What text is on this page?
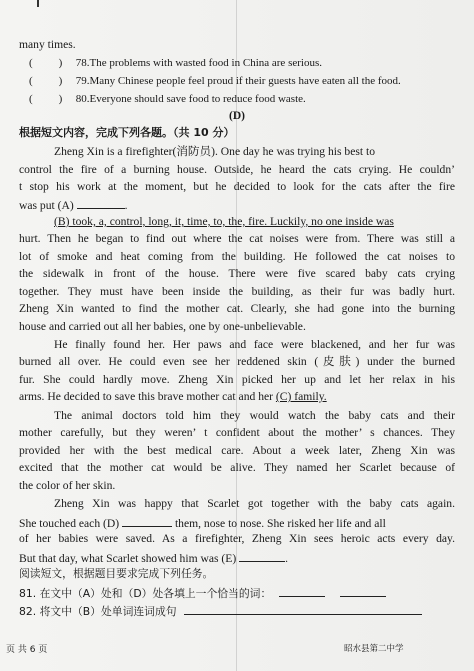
many times.
( ) 78.The problems with wasted food in China are serious.
( ) 79.Many Chinese people feel proud if their guests have eaten all the food.
( ) 80.Everyone should save food to reduce food waste.
(D)
根据短文内容，完成下列各题。（共 10 分）
Zheng Xin is a firefighter(消防员). One day he was trying his best to
control the fire of a burning house. Outside, he heard the cats crying. He couldn’
t stop his work at the moment, but he decided to look for the cats after the fire
was put (A)	.
(B) took, a, control, long, it, time, to, the, fire. Luckily, no one inside was
hurt. Then he began to find out where the cat noises were from. There was still a
lot of smoke and heat coming from the building. He followed the cat noises to
the sidewalk in front of the house. There were five scared baby cats crying
together. They must have been inside the building, as their fur was badly hurt.
Zheng Xin wanted to find the mother cat. Clearly, she had gone into the burning
house and carried out all her babies, one by one-unbelievable.
He finally found her. Her paws and face were blackened, and her fur was
burned all over. He could even see her reddened skin (皮肤) under the burned
fur. She could hardly move. Zheng Xin picked her up and let her relax in his
arms. He decided to save this brave mother cat and her (C) family.
The animal doctors told him they would watch the baby cats and their
mother carefully, but they weren’ t confident about the mother’ s chances. They
provided her with the best medical care. About a week later, Zheng Xin was
excited that the mother cat would be alive. They named her Scarlet because of
the color of her skin.
Zheng Xin was happy that Scarlet got together with the baby cats again.
She touched each (D)	them, nose to nose. She risked her life and all
of her babies were saved. As a firefighter, Zheng Xin sees heroic acts every day.
But that day, what Scarlet showed him was (E)	.
阅读短文，根据题目要求完成下列任务。
81. 在文中（A）处和（D）处各填上一个恰当的词：
82. 将文中（B）处单词连词成句
页 共 6 页	昭水县第二中学
